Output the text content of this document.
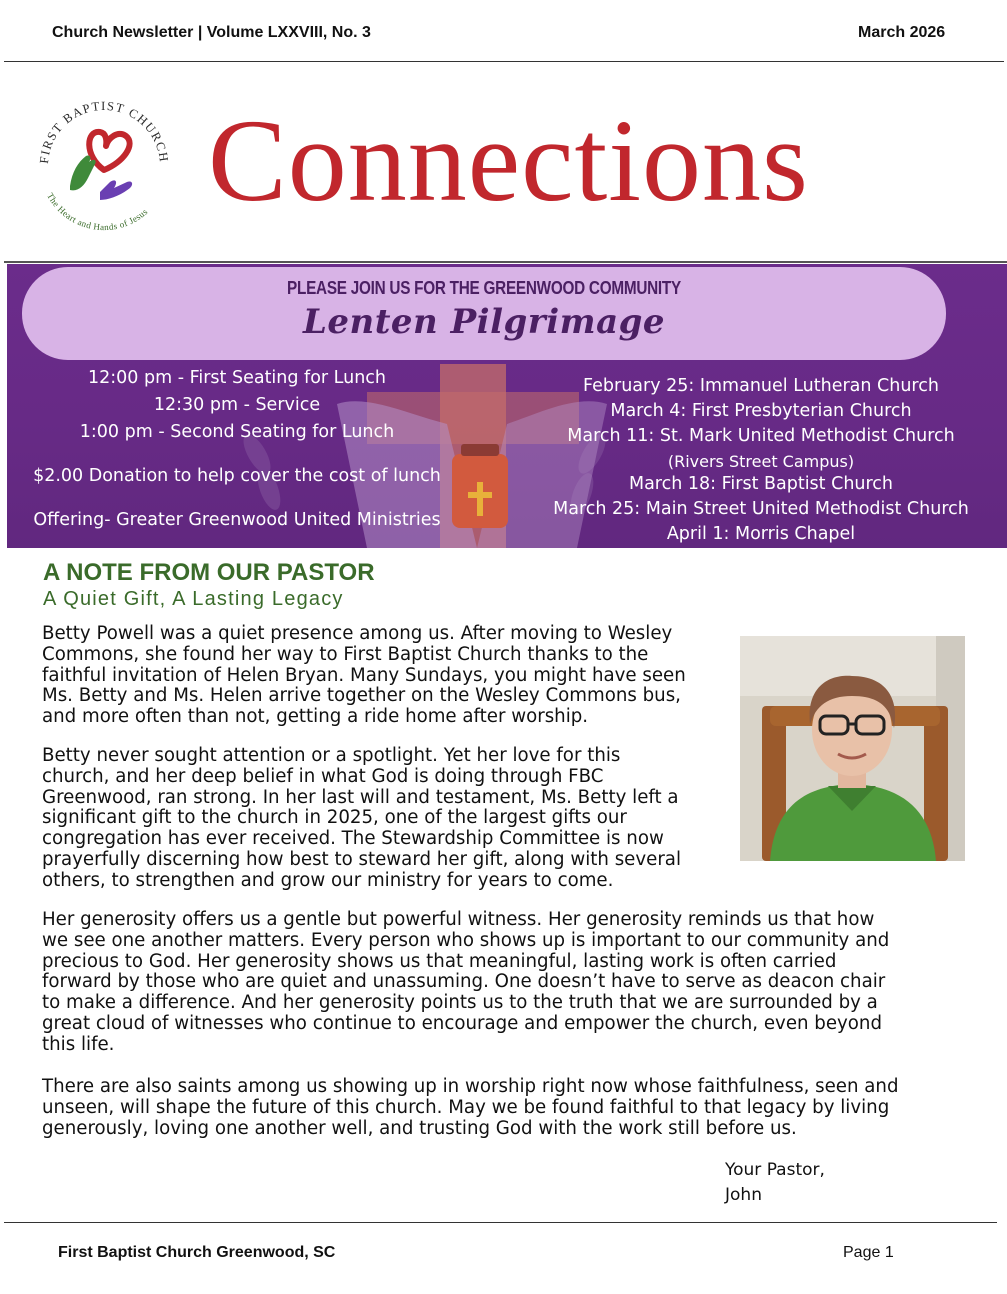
Church Newsletter | Volume LXXVIII, No. 3	March 2026
FIRST BAPTIST CHURCH
The Heart and Hands of Jesus Connections
PLEASE JOIN US FOR THE GREENWOOD COMMUNITY
Lenten Pilgrimage
12:00 pm - First Seating for Lunch
12:30 pm - Service
1:00 pm - Second Seating for Lunch
$2.00 Donation to help cover the cost of lunch
Offering- Greater Greenwood United Ministries
February 25: Immanuel Lutheran Church
March 4: First Presbyterian Church
March 11: St. Mark United Methodist Church
(Rivers Street Campus)
March 18: First Baptist Church
March 25: Main Street United Methodist Church
April 1: Morris Chapel
A NOTE FROM OUR PASTOR
A Quiet Gift, A Lasting Legacy
Betty Powell was a quiet presence among us. After moving to Wesley
Commons, she found her way to First Baptist Church thanks to the
faithful invitation of Helen Bryan. Many Sundays, you might have seen
Ms. Betty and Ms. Helen arrive together on the Wesley Commons bus,
and more often than not, getting a ride home after worship.
Betty never sought attention or a spotlight. Yet her love for this
church, and her deep belief in what God is doing through FBC
Greenwood, ran strong. In her last will and testament, Ms. Betty left a
significant gift to the church in 2025, one of the largest gifts our
congregation has ever received. The Stewardship Committee is now
prayerfully discerning how best to steward her gift, along with several
others, to strengthen and grow our ministry for years to come.
Her generosity offers us a gentle but powerful witness. Her generosity reminds us that how
we see one another matters. Every person who shows up is important to our community and
precious to God. Her generosity shows us that meaningful, lasting work is often carried
forward by those who are quiet and unassuming. One doesn’t have to serve as deacon chair
to make a difference. And her generosity points us to the truth that we are surrounded by a
great cloud of witnesses who continue to encourage and empower the church, even beyond
this life.
There are also saints among us showing up in worship right now whose faithfulness, seen and
unseen, will shape the future of this church. May we be found faithful to that legacy by living
generously, loving one another well, and trusting God with the work still before us.
Your Pastor,
John
First Baptist Church Greenwood, SC	Page 1
